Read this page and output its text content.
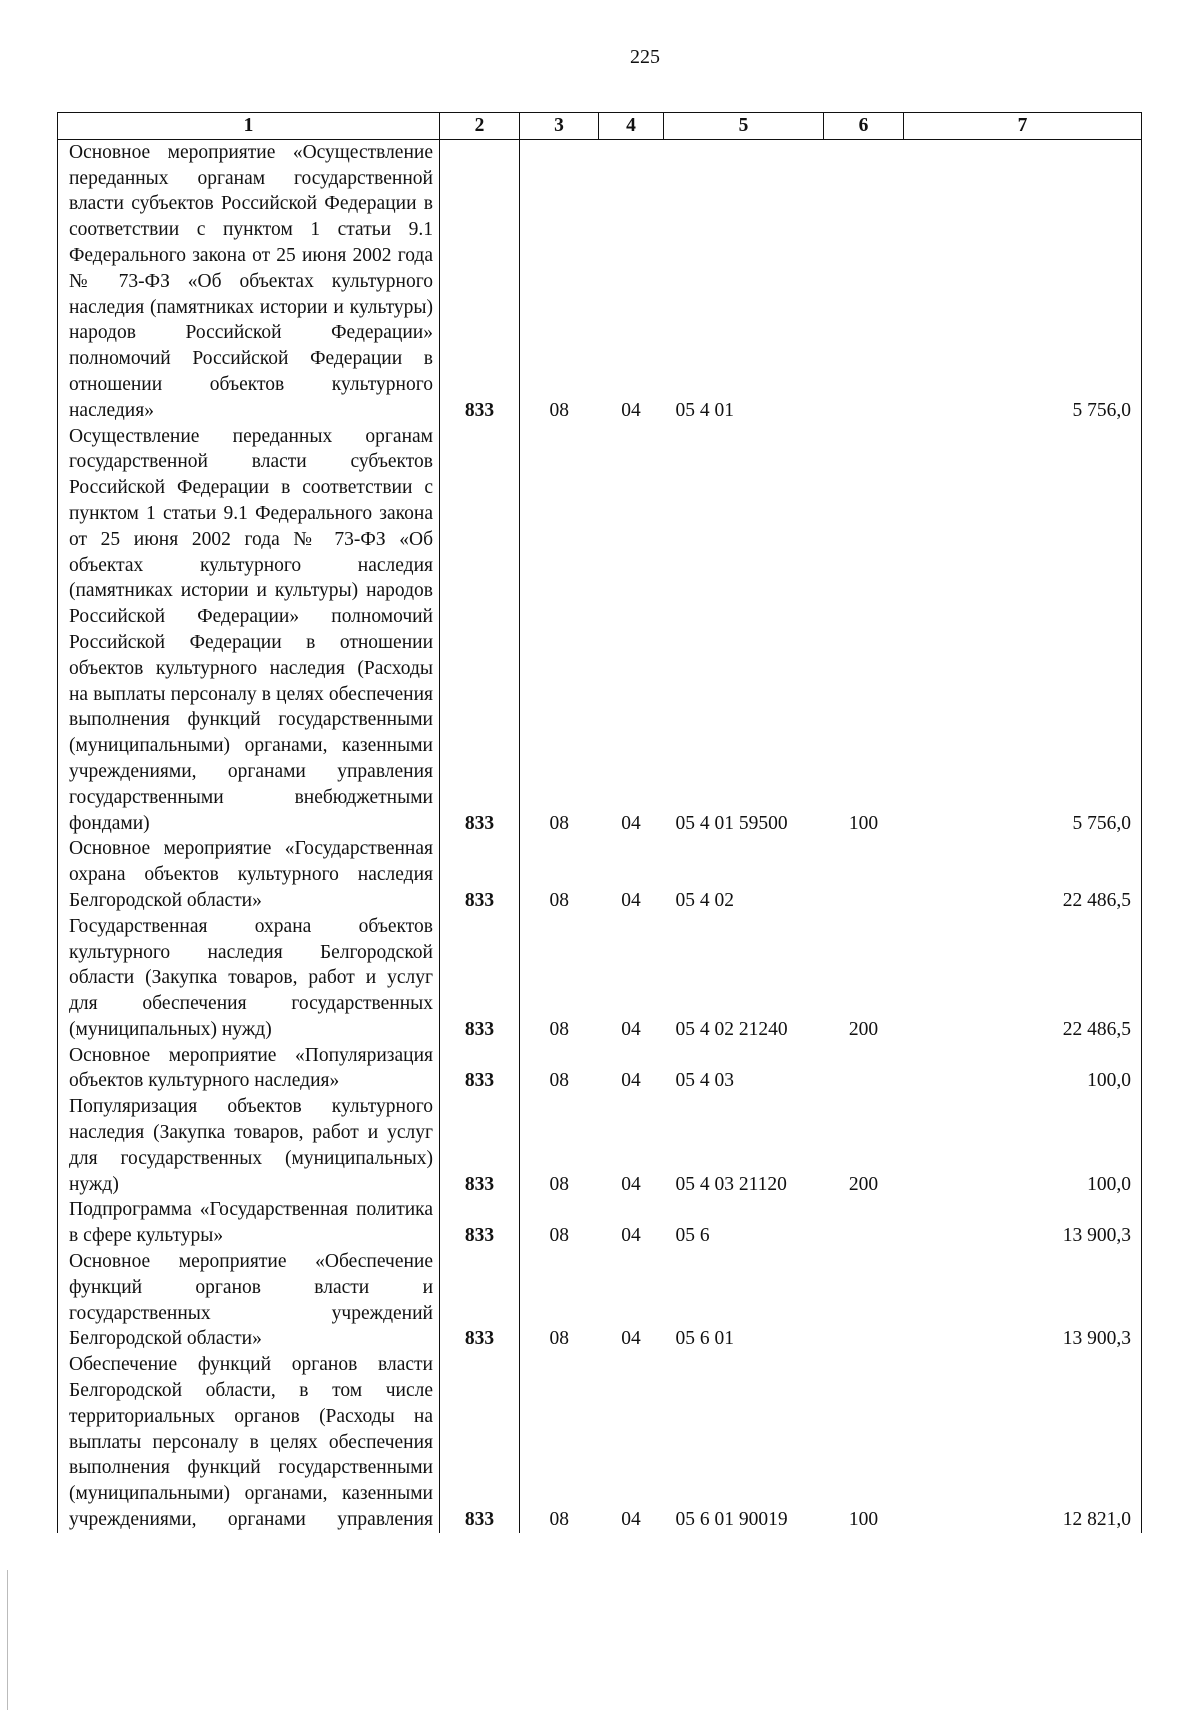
225
1	2	3	4	5	6	7

Основное мероприятие «Осуществление переданных органам государственной власти субъектов Российской Федерации в соответствии с пунктом 1 статьи 9.1 Федерального закона от 25 июня 2002 года № 73-ФЗ «Об объектах культурного наследия (памятниках истории и культуры) народов Российской Федерации» полномочий Российской Федерации в отношении объектов культурного наследия»	833	08	04	05 4 01		5 756,0

Осуществление переданных органам государственной власти субъектов Российской Федерации в соответствии с пунктом 1 статьи 9.1 Федерального закона от 25 июня 2002 года № 73-ФЗ «Об объектах культурного наследия (памятниках истории и культуры) народов Российской Федерации» полномочий Российской Федерации в отношении объектов культурного наследия (Расходы на выплаты персоналу в целях обеспечения выполнения функций государственными (муниципальными) органами, казенными учреждениями, органами управления государственными внебюджетными фондами)	833	08	04	05 4 01 59500	100	5 756,0

Основное мероприятие «Государственная охрана объектов культурного наследия Белгородской области»	833	08	04	05 4 02		22 486,5

Государственная охрана объектов культурного наследия Белгородской области (Закупка товаров, работ и услуг для обеспечения государственных (муниципальных) нужд)	833	08	04	05 4 02 21240	200	22 486,5

Основное мероприятие «Популяризация объектов культурного наследия»	833	08	04	05 4 03		100,0

Популяризация объектов культурного наследия (Закупка товаров, работ и услуг для государственных (муниципальных) нужд)	833	08	04	05 4 03 21120	200	100,0

Подпрограмма «Государственная политика в сфере культуры»	833	08	04	05 6		13 900,3

Основное мероприятие «Обеспечение функций органов власти и государственных учреждений Белгородской области»	833	08	04	05 6 01		13 900,3
Обеспечение функций органов власти Белгородской области, в том числе территориальных органов (Расходы на выплаты персоналу в целях обеспечения выполнения функций государственными (муниципальными) органами, казенными учреждениями, органами управления	833	08	04	05 6 01 90019	100	12 821,0
